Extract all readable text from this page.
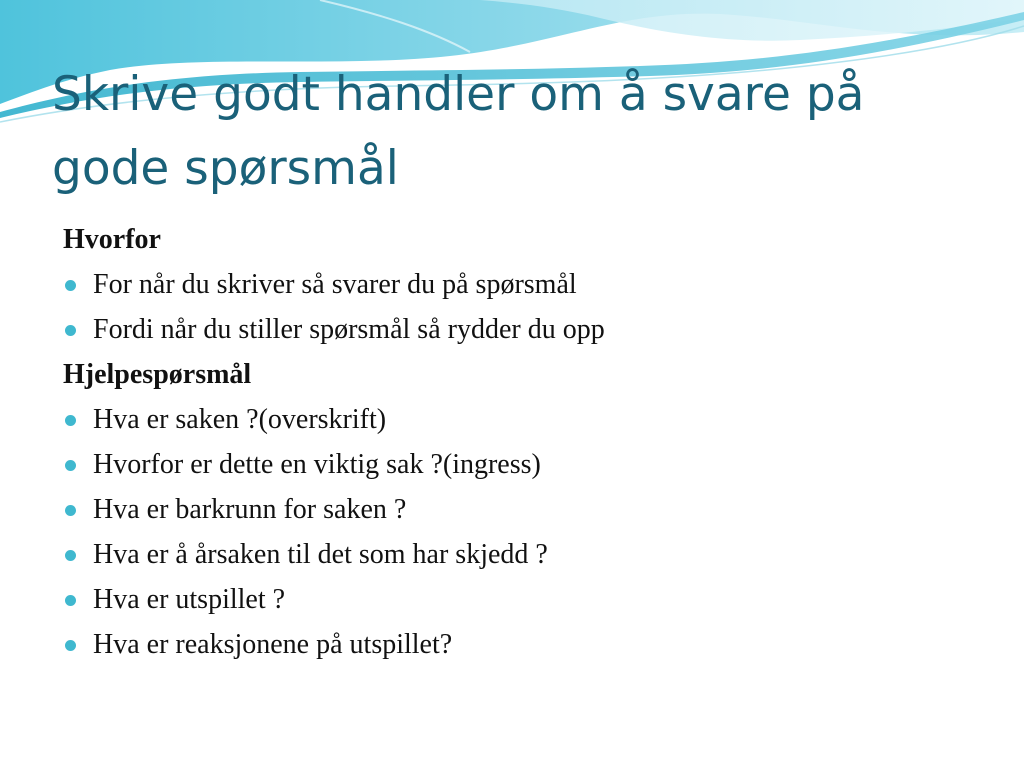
Skrive godt handler om å svare på gode spørsmål
Hvorfor
For når du skriver så svarer du på spørsmål
Fordi når du stiller spørsmål så rydder du opp
Hjelpespørsmål
Hva er saken ?(overskrift)
Hvorfor er dette en viktig sak ?(ingress)
Hva er barkrunn for saken ?
Hva er å årsaken til det som har skjedd ?
Hva er utspillet ?
Hva er reaksjonene på utspillet?
